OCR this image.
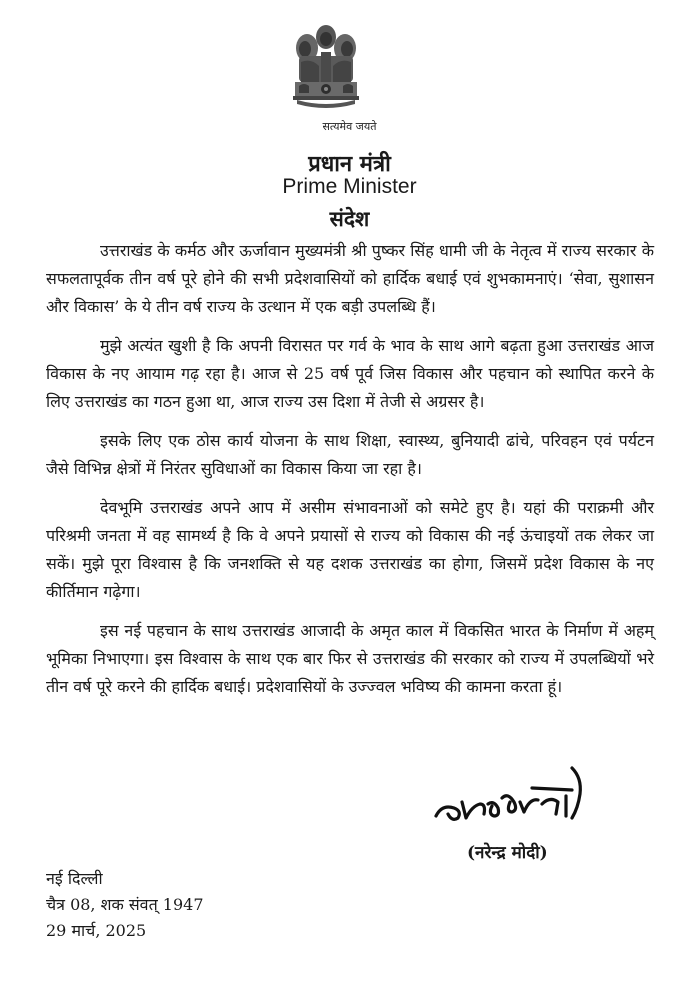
सत्यमेव जयते
प्रधान मंत्री
Prime Minister
संदेश

उत्तराखंड के कर्मठ और ऊर्जावान मुख्यमंत्री श्री पुष्कर सिंह धामी जी के नेतृत्व में राज्य सरकार के सफलतापूर्वक तीन वर्ष पूरे होने की सभी प्रदेशवासियों को हार्दिक बधाई एवं शुभकामनाएं। ‘सेवा, सुशासन और विकास’ के ये तीन वर्ष राज्य के उत्थान में एक बड़ी उपलब्धि हैं।

मुझे अत्यंत खुशी है कि अपनी विरासत पर गर्व के भाव के साथ आगे बढ़ता हुआ उत्तराखंड आज विकास के नए आयाम गढ़ रहा है। आज से 25 वर्ष पूर्व जिस विकास और पहचान को स्थापित करने के लिए उत्तराखंड का गठन हुआ था, आज राज्य उस दिशा में तेजी से अग्रसर है।

इसके लिए एक ठोस कार्य योजना के साथ शिक्षा, स्वास्थ्य, बुनियादी ढांचे, परिवहन एवं पर्यटन जैसे विभिन्न क्षेत्रों में निरंतर सुविधाओं का विकास किया जा रहा है।

देवभूमि उत्तराखंड अपने आप में असीम संभावनाओं को समेटे हुए है। यहां की पराक्रमी और परिश्रमी जनता में वह सामर्थ्य है कि वे अपने प्रयासों से राज्य को विकास की नई ऊंचाइयों तक लेकर जा सकें। मुझे पूरा विश्वास है कि जनशक्ति से यह दशक उत्तराखंड का होगा, जिसमें प्रदेश विकास के नए कीर्तिमान गढ़ेगा।

इस नई पहचान के साथ उत्तराखंड आजादी के अमृत काल में विकसित भारत के निर्माण में अहम् भूमिका निभाएगा। इस विश्वास के साथ एक बार फिर से उत्तराखंड की सरकार को राज्य में उपलब्धियों भरे तीन वर्ष पूरे करने की हार्दिक बधाई। प्रदेशवासियों के उज्ज्वल भविष्य की कामना करता हूं।

(नरेन्द्र मोदी)
नई दिल्ली
चैत्र 08, शक संवत् 1947
29 मार्च, 2025
